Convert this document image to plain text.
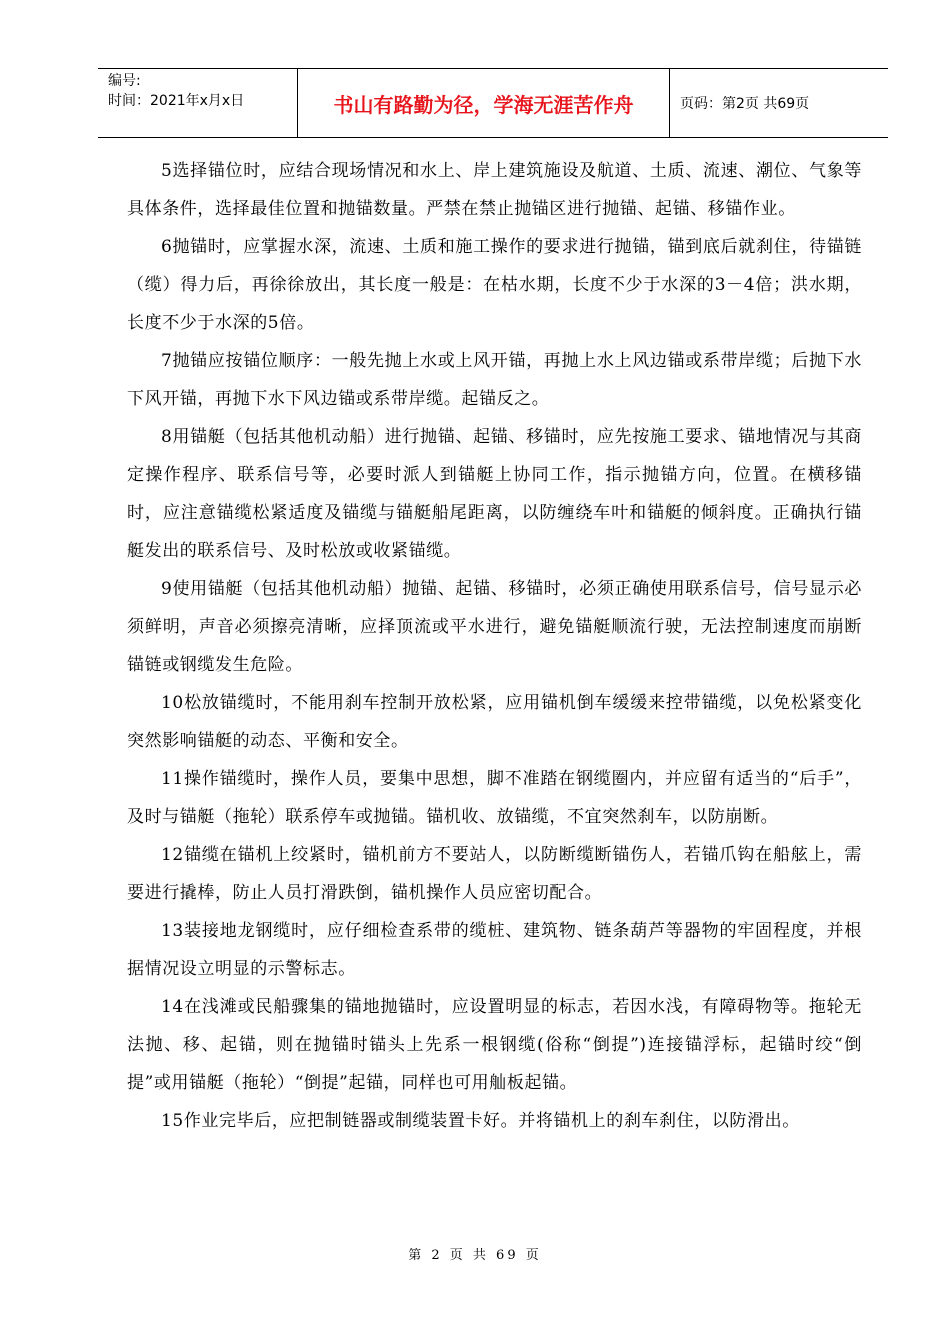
编号:
时间：2021年x月x日	书山有路勤为径，学海无涯苦作舟	页码：第2页 共69页

5选择锚位时，应结合现场情况和水上、岸上建筑施设及航道、土质、流速、潮位、气象等具体条件，选择最佳位置和抛锚数量。严禁在禁止抛锚区进行抛锚、起锚、移锚作业。

6抛锚时，应掌握水深，流速、土质和施工操作的要求进行抛锚，锚到底后就刹住，待锚链（缆）得力后，再徐徐放出，其长度一般是：在枯水期，长度不少于水深的3－4倍；洪水期，长度不少于水深的5倍。

7抛锚应按锚位顺序：一般先抛上水或上风开锚，再抛上水上风边锚或系带岸缆；后抛下水下风开锚，再抛下水下风边锚或系带岸缆。起锚反之。

8用锚艇（包括其他机动船）进行抛锚、起锚、移锚时，应先按施工要求、锚地情况与其商定操作程序、联系信号等，必要时派人到锚艇上协同工作，指示抛锚方向，位置。在横移锚时，应注意锚缆松紧适度及锚缆与锚艇船尾距离，以防缠绕车叶和锚艇的倾斜度。正确执行锚艇发出的联系信号、及时松放或收紧锚缆。

9使用锚艇（包括其他机动船）抛锚、起锚、移锚时，必须正确使用联系信号，信号显示必须鲜明，声音必须擦亮清晰，应择顶流或平水进行，避免锚艇顺流行驶，无法控制速度而崩断锚链或钢缆发生危险。

10松放锚缆时，不能用刹车控制开放松紧，应用锚机倒车缓缓来控带锚缆，以免松紧变化突然影响锚艇的动态、平衡和安全。

11操作锚缆时，操作人员，要集中思想，脚不准踏在钢缆圈内，并应留有适当的“后手”，及时与锚艇（拖轮）联系停车或抛锚。锚机收、放锚缆，不宜突然刹车，以防崩断。

12锚缆在锚机上绞紧时，锚机前方不要站人，以防断缆断锚伤人，若锚爪钩在船舷上，需要进行撬棒，防止人员打滑跌倒，锚机操作人员应密切配合。

13装接地龙钢缆时，应仔细检查系带的缆桩、建筑物、链条葫芦等器物的牢固程度，并根据情况设立明显的示警标志。

14在浅滩或民船骤集的锚地抛锚时，应设置明显的标志，若因水浅，有障碍物等。拖轮无法抛、移、起锚，则在抛锚时锚头上先系一根钢缆(俗称“倒提”)连接锚浮标，起锚时绞“倒提”或用锚艇（拖轮）“倒提”起锚，同样也可用舢板起锚。

15作业完毕后，应把制链器或制缆装置卡好。并将锚机上的刹车刹住，以防滑出。

第 2 页 共 69 页
